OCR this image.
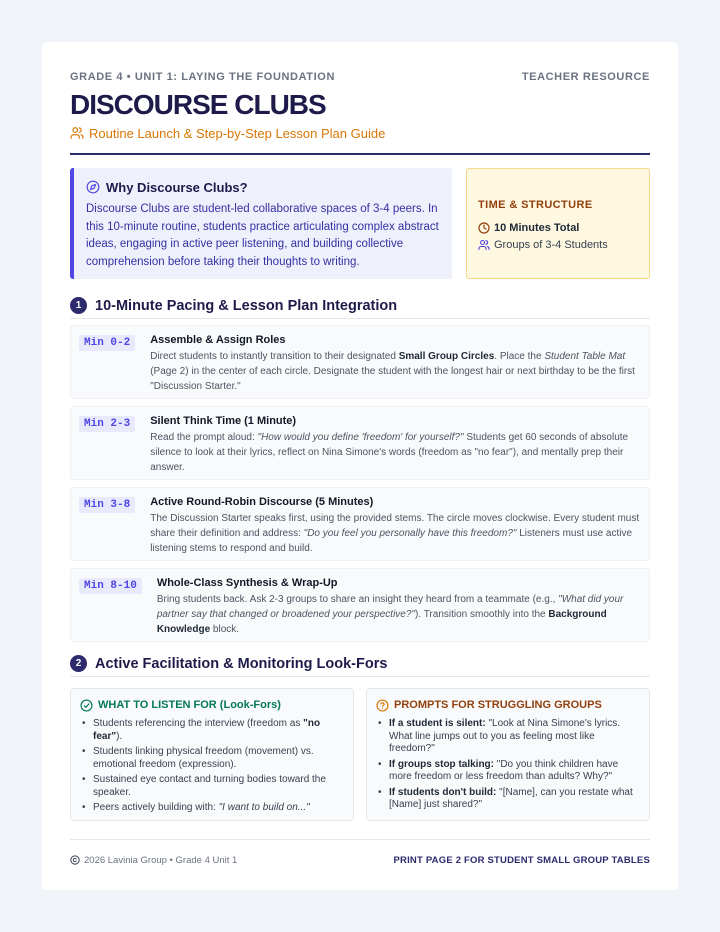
GRADE 4 • UNIT 1: LAYING THE FOUNDATION	TEACHER RESOURCE
DISCOURSE CLUBS
Routine Launch & Step-by-Step Lesson Plan Guide
Why Discourse Clubs?
Discourse Clubs are student-led collaborative spaces of 3-4 peers. In this 10-minute routine, students practice articulating complex abstract ideas, engaging in active peer listening, and building collective comprehension before taking their thoughts to writing.
TIME & STRUCTURE
10 Minutes Total
Groups of 3-4 Students
1 10-Minute Pacing & Lesson Plan Integration
Min 0-2	Assemble & Assign Roles
Direct students to instantly transition to their designated Small Group Circles. Place the Student Table Mat (Page 2) in the center of each circle. Designate the student with the longest hair or next birthday to be the first "Discussion Starter."
Min 2-3	Silent Think Time (1 Minute)
Read the prompt aloud: "How would you define 'freedom' for yourself?" Students get 60 seconds of absolute silence to look at their lyrics, reflect on Nina Simone's words (freedom as "no fear"), and mentally prep their answer.
Min 3-8	Active Round-Robin Discourse (5 Minutes)
The Discussion Starter speaks first, using the provided stems. The circle moves clockwise. Every student must share their definition and address: "Do you feel you personally have this freedom?" Listeners must use active listening stems to respond and build.
Min 8-10	Whole-Class Synthesis & Wrap-Up
Bring students back. Ask 2-3 groups to share an insight they heard from a teammate (e.g., "What did your partner say that changed or broadened your perspective?"). Transition smoothly into the Background Knowledge block.
2 Active Facilitation & Monitoring Look-Fors
WHAT TO LISTEN FOR (Look-Fors)
• Students referencing the interview (freedom as "no fear").
• Students linking physical freedom (movement) vs. emotional freedom (expression).
• Sustained eye contact and turning bodies toward the speaker.
• Peers actively building with: "I want to build on..."
PROMPTS FOR STRUGGLING GROUPS
• If a student is silent: "Look at Nina Simone's lyrics. What line jumps out to you as feeling most like freedom?"
• If groups stop talking: "Do you think children have more freedom or less freedom than adults? Why?"
• If students don't build: "[Name], can you restate what [Name] just shared?"
2026 Lavinia Group • Grade 4 Unit 1	PRINT PAGE 2 FOR STUDENT SMALL GROUP TABLES
